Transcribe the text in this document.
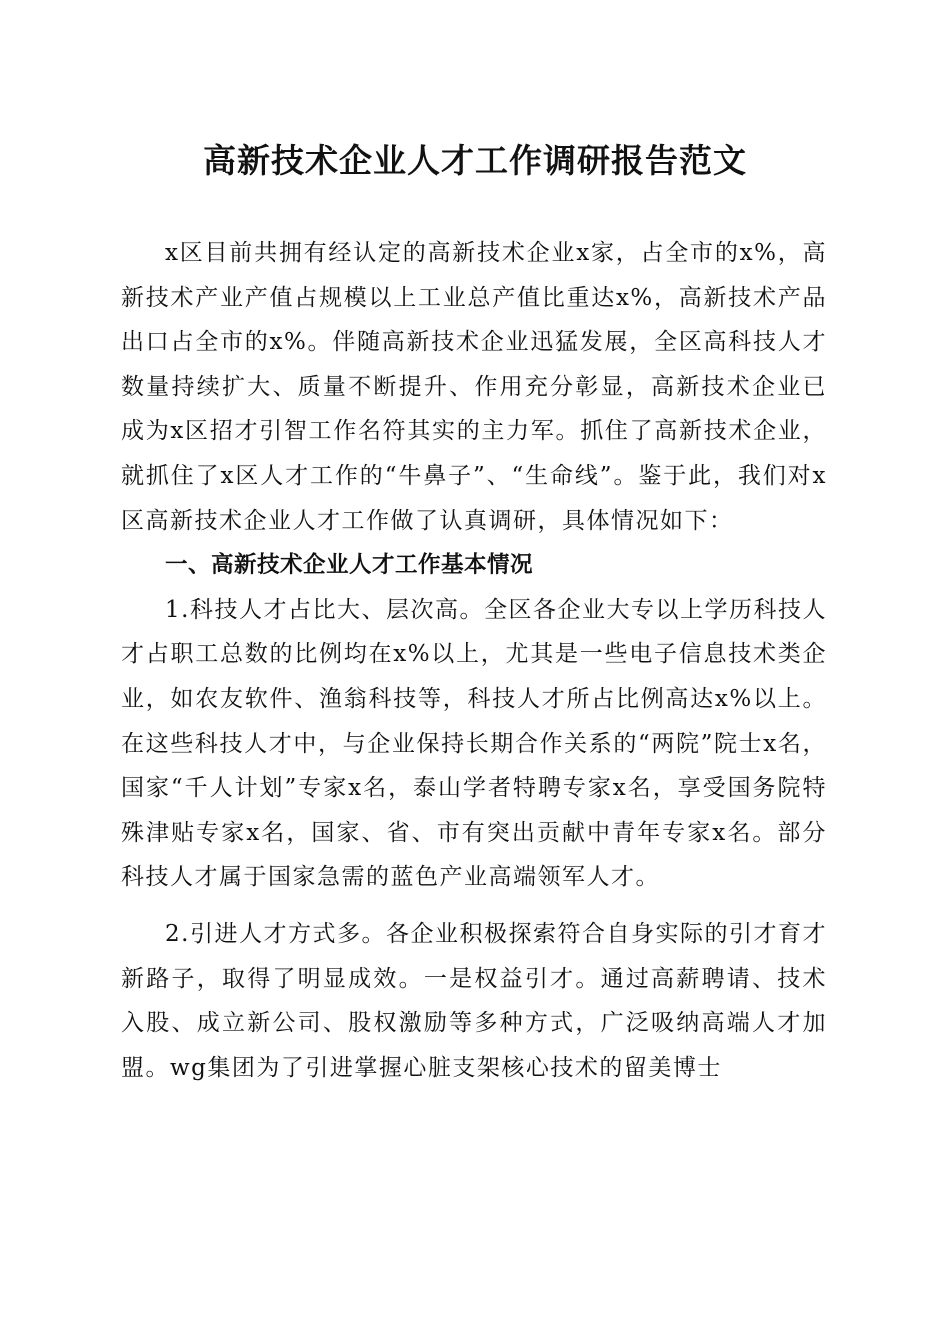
高新技术企业人才工作调研报告范文

x区目前共拥有经认定的高新技术企业x家，占全市的x%，高新技术产业产值占规模以上工业总产值比重达x%，高新技术产品出口占全市的x%。伴随高新技术企业迅猛发展，全区高科技人才数量持续扩大、质量不断提升、作用充分彰显，高新技术企业已成为x区招才引智工作名符其实的主力军。抓住了高新技术企业，就抓住了x区人才工作的“牛鼻子”、“生命线”。鉴于此，我们对x区高新技术企业人才工作做了认真调研，具体情况如下：

一、高新技术企业人才工作基本情况

1.科技人才占比大、层次高。全区各企业大专以上学历科技人才占职工总数的比例均在x%以上，尤其是一些电子信息技术类企业，如农友软件、渔翁科技等，科技人才所占比例高达x%以上。在这些科技人才中，与企业保持长期合作关系的“两院”院士x名，国家“千人计划”专家x名，泰山学者特聘专家x名，享受国务院特殊津贴专家x名，国家、省、市有突出贡献中青年专家x名。部分科技人才属于国家急需的蓝色产业高端领军人才。

2.引进人才方式多。各企业积极探索符合自身实际的引才育才新路子，取得了明显成效。一是权益引才。通过高薪聘请、技术入股、成立新公司、股权激励等多种方式，广泛吸纳高端人才加盟。wg集团为了引进掌握心脏支架核心技术的留美博士
